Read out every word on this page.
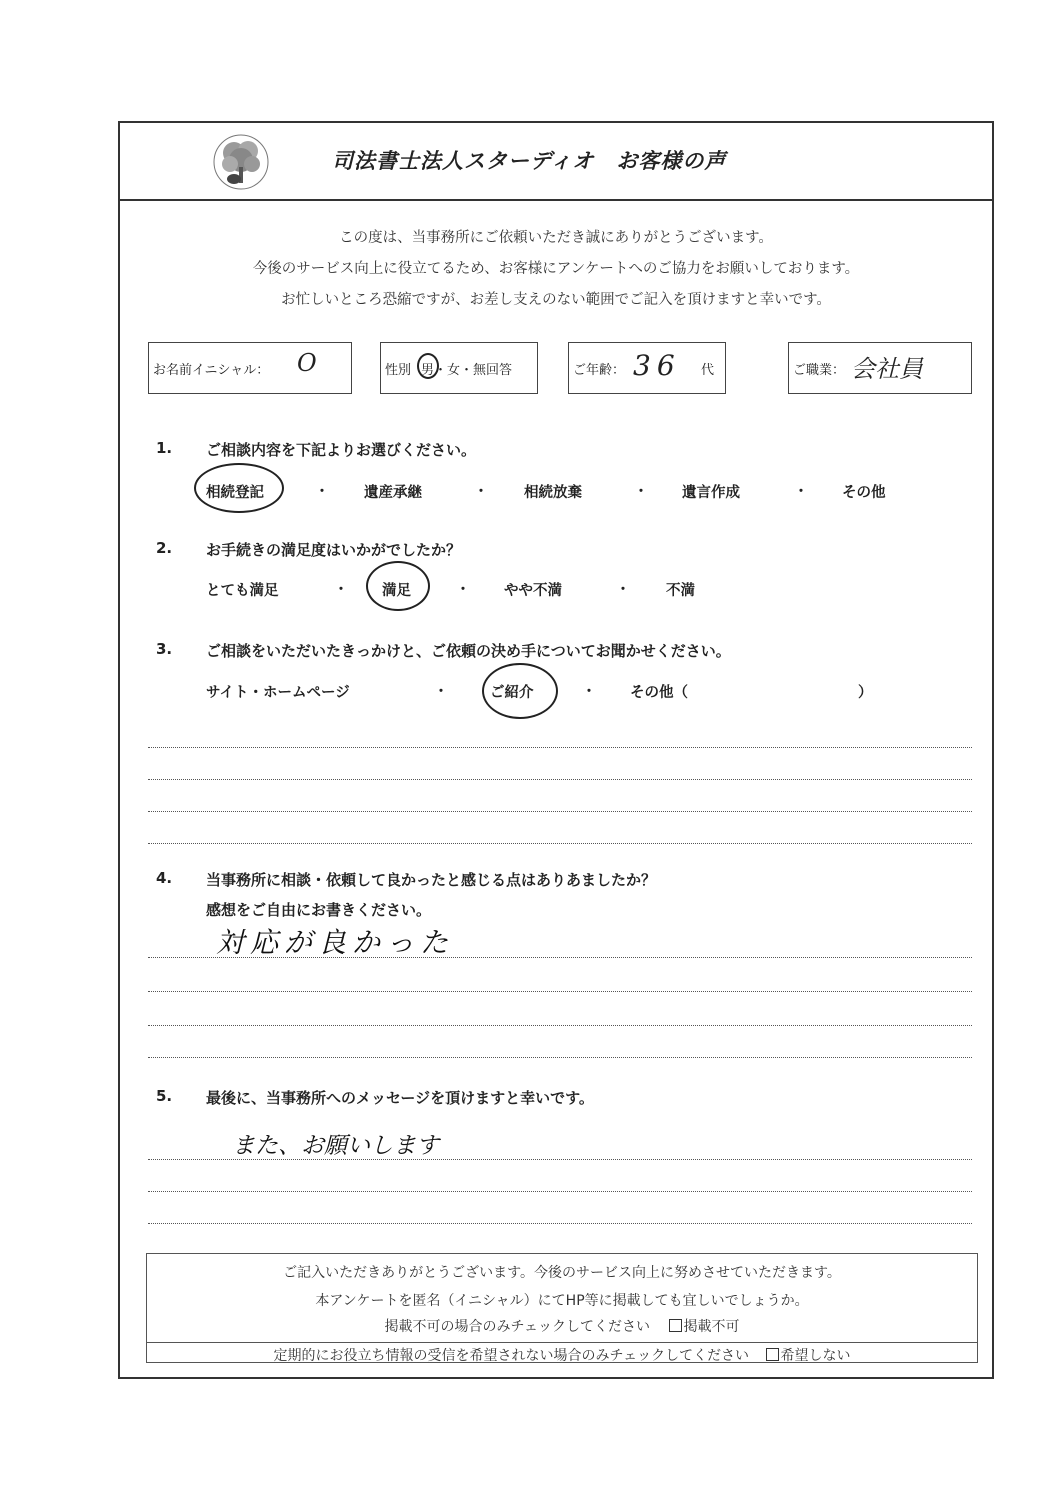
司法書士法人スターディオ　お客様の声
この度は、当事務所にご依頼いただき誠にありがとうございます。
今後のサービス向上に役立てるため、お客様にアンケートへのご協力をお願いしております。
お忙しいところ恐縮ですが、お差し支えのない範囲でご記入を頂けますと幸いです。
お名前イニシャル： O	性別 男・女・無回答	ご年齢： 36 代	ご職業： 会社員
1. ご相談内容を下記よりお選びください。
相続登記	・ 遺産承継	・ 相続放棄	・ 遺言作成	・ その他
2. お手続きの満足度はいかがでしたか？
とても満足	・ 満足	・ やや不満	・ 不満
3. ご相談をいただいたきっかけと、ご依頼の決め手についてお聞かせください。
サイト・ホームページ	・	ご紹介	・ その他（	）
4. 当事務所に相談・依頼して良かったと感じる点はありあましたか？
感想をご自由にお書きください。
対応が良かった
5. 最後に、当事務所へのメッセージを頂けますと幸いです。
また、お願いします
ご記入いただきありがとうございます。今後のサービス向上に努めさせていただきます。
本アンケートを匿名（イニシャル）にてHP等に掲載しても宜しいでしょうか。
掲載不可の場合のみチェックしてください 掲載不可
定期的にお役立ち情報の受信を希望されない場合のみチェックしてください 希望しない
